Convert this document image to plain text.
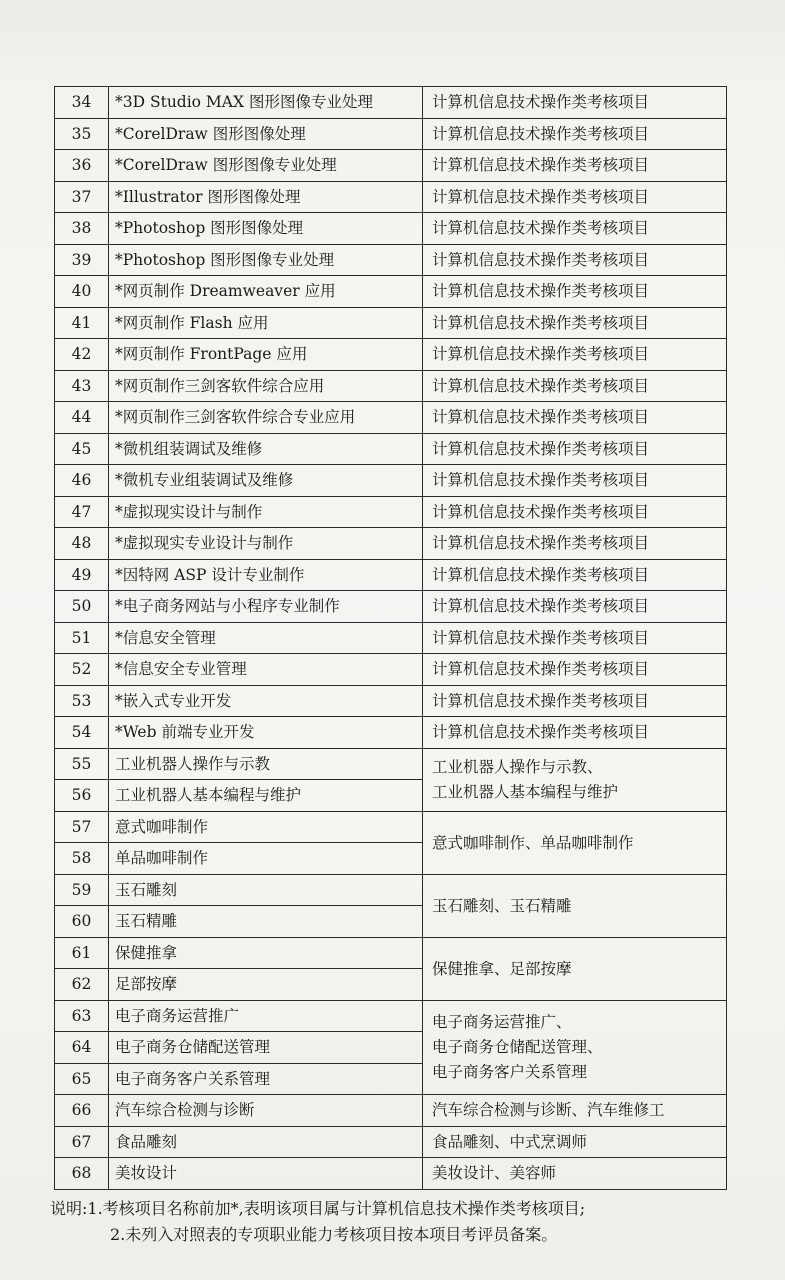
34	*3D Studio MAX 图形图像专业处理	计算机信息技术操作类考核项目
35	*CorelDraw 图形图像处理	计算机信息技术操作类考核项目
36	*CorelDraw 图形图像专业处理	计算机信息技术操作类考核项目
37	*Illustrator 图形图像处理	计算机信息技术操作类考核项目
38	*Photoshop 图形图像处理	计算机信息技术操作类考核项目
39	*Photoshop 图形图像专业处理	计算机信息技术操作类考核项目
40	*网页制作 Dreamweaver 应用	计算机信息技术操作类考核项目
41	*网页制作 Flash 应用	计算机信息技术操作类考核项目
42	*网页制作 FrontPage 应用	计算机信息技术操作类考核项目
43	*网页制作三剑客软件综合应用	计算机信息技术操作类考核项目
44	*网页制作三剑客软件综合专业应用	计算机信息技术操作类考核项目
45	*微机组装调试及维修	计算机信息技术操作类考核项目
46	*微机专业组装调试及维修	计算机信息技术操作类考核项目
47	*虚拟现实设计与制作	计算机信息技术操作类考核项目
48	*虚拟现实专业设计与制作	计算机信息技术操作类考核项目
49	*因特网 ASP 设计专业制作	计算机信息技术操作类考核项目
50	*电子商务网站与小程序专业制作	计算机信息技术操作类考核项目
51	*信息安全管理	计算机信息技术操作类考核项目
52	*信息安全专业管理	计算机信息技术操作类考核项目
53	*嵌入式专业开发	计算机信息技术操作类考核项目
54	*Web 前端专业开发	计算机信息技术操作类考核项目
55	工业机器人操作与示教	工业机器人操作与示教、
工业机器人基本编程与维护

56	工业机器人基本编程与维护	
57	意式咖啡制作	意式咖啡制作、单品咖啡制作

58	单品咖啡制作	
59	玉石雕刻	玉石雕刻、玉石精雕

60	玉石精雕	
61	保健推拿	保健推拿、足部按摩

62	足部按摩	
63	电子商务运营推广	电子商务运营推广、
电子商务仓储配送管理、
电子商务客户关系管理

64	电子商务仓储配送管理	
65	电子商务客户关系管理	
66	汽车综合检测与诊断	汽车综合检测与诊断、汽车维修工

67	食品雕刻	食品雕刻、中式烹调师

68	美妆设计	美妆设计、美容师
说明:1.考核项目名称前加*,表明该项目属与计算机信息技术操作类考核项目;
2.未列入对照表的专项职业能力考核项目按本项目考评员备案。
